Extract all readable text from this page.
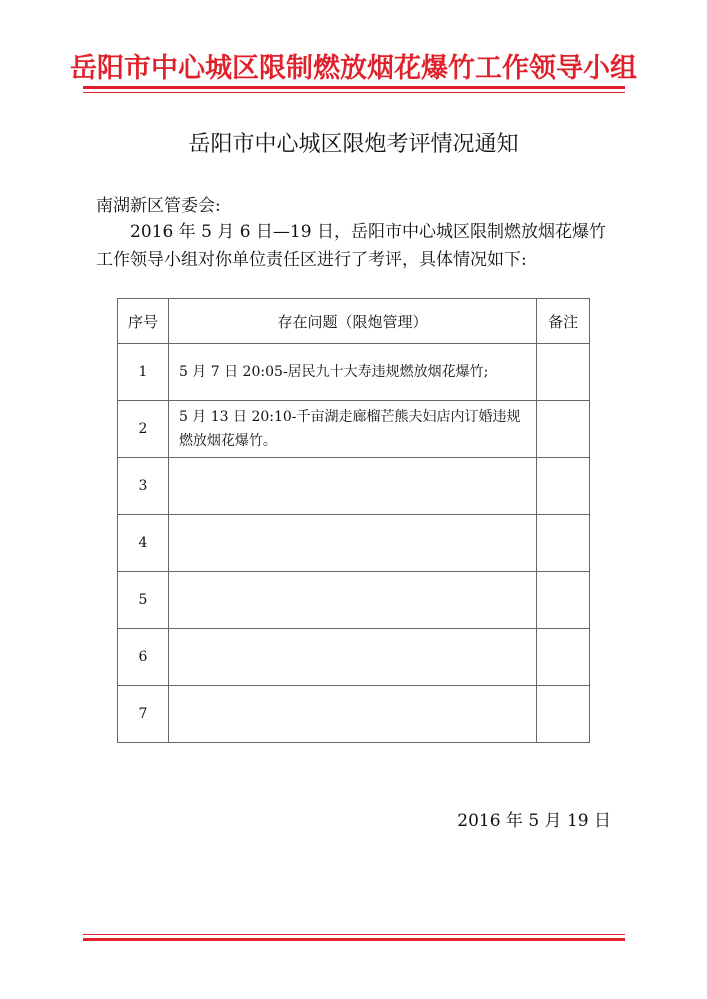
岳阳市中心城区限制燃放烟花爆竹工作领导小组
岳阳市中心城区限炮考评情况通知
南湖新区管委会:
2016 年 5 月 6 日—19 日，岳阳市中心城区限制燃放烟花爆竹工作领导小组对你单位责任区进行了考评，具体情况如下:
序号	存在问题（限炮管理）	备注
1	5 月 7 日 20:05-居民九十大寿违规燃放烟花爆竹;	
2	5 月 13 日 20:10-千亩湖走廊榴芒熊夫妇店内订婚违规燃放烟花爆竹。	
3		
4		
5		
6		
7		
2016 年 5 月 19 日
